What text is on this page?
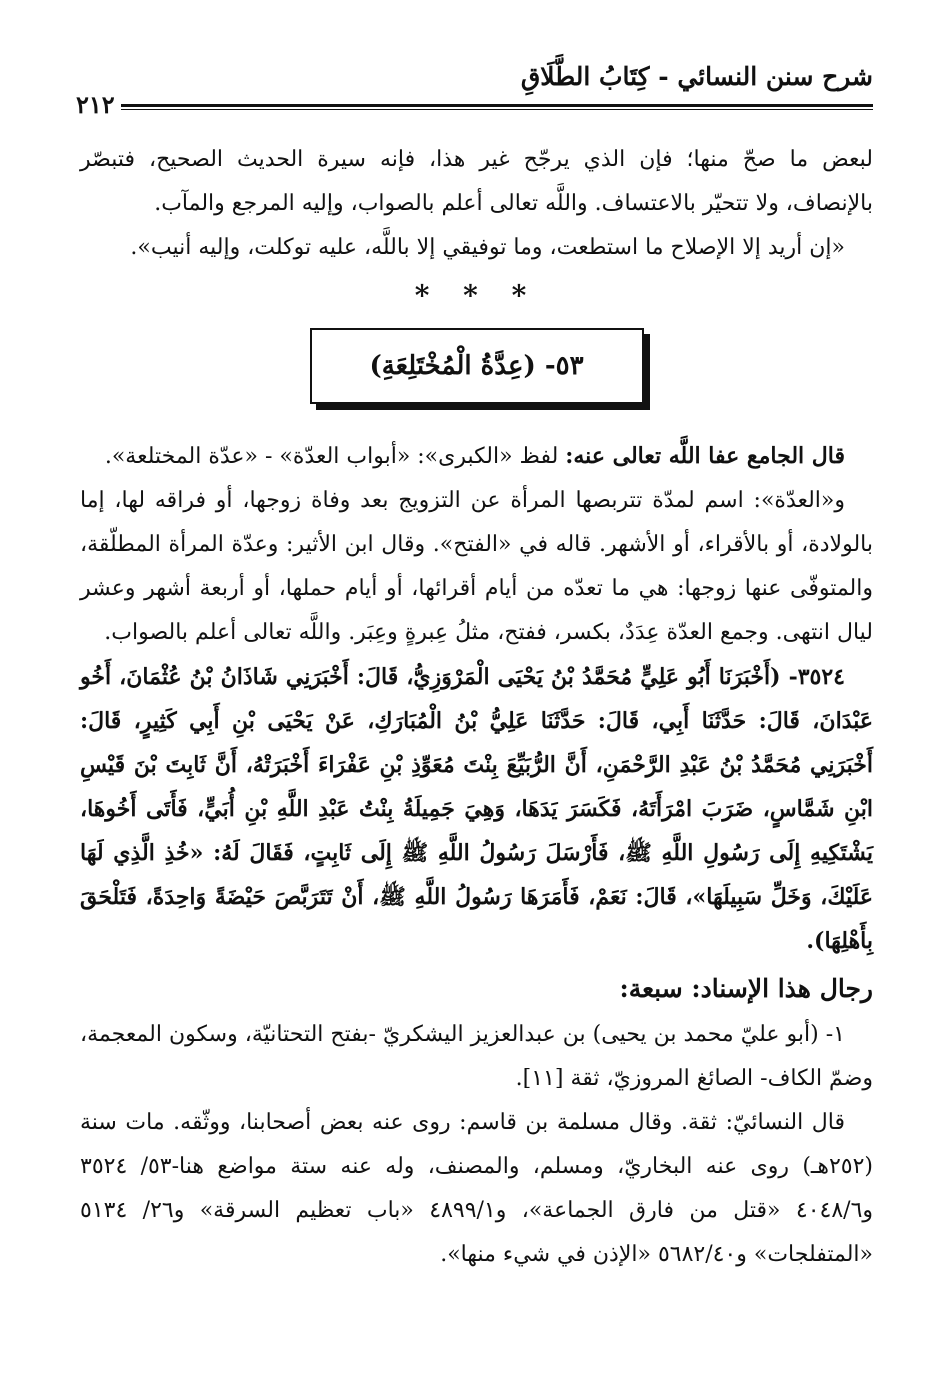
شرح سنن النسائي - كِتَابُ الطَّلَاقِ
٢١٢

لبعض ما صحّ منها؛ فإن الذي يرجّح غير هذا، فإنه سيرة الحديث الصحيح، فتبصّر بالإنصاف، ولا تتحيّر بالاعتساف. واللَّه تعالى أعلم بالصواب، وإليه المرجع والمآب.

«إن أريد إلا الإصلاح ما استطعت، وما توفيقي إلا باللَّه، عليه توكلت، وإليه أنيب».

* * *
٥٣- (عِدَّةُ الْمُخْتَلِعَةِ)

قال الجامع عفا اللَّه تعالى عنه: لفظ «الكبرى»: «أبواب العدّة» - «عدّة المختلعة».

و«العدّة»: اسم لمدّة تتربصها المرأة عن التزويج بعد وفاة زوجها، أو فراقه لها، إما بالولادة، أو بالأقراء، أو الأشهر. قاله في «الفتح». وقال ابن الأثير: وعدّة المرأة المطلّقة، والمتوفّى عنها زوجها: هي ما تعدّه من أيام أقرائها، أو أيام حملها، أو أربعة أشهر وعشر ليال انتهى. وجمع العدّة عِدَدٌ، بكسر، ففتح، مثلُ عِبرةٍ وعِبَر. واللَّه تعالى أعلم بالصواب.

٣٥٢٤- (أَخْبَرَنَا أَبُو عَلِيٍّ مُحَمَّدُ بْنُ يَحْيَى الْمَرْوَزِيُّ، قَالَ: أَخْبَرَنِي شَاذَانُ بْنُ عُثْمَانَ، أَخُو عَبْدَانَ، قَالَ: حَدَّثَنَا أَبِي، قَالَ: حَدَّثَنَا عَلِيُّ بْنُ الْمُبَارَكِ، عَنْ يَحْيَى بْنِ أَبِي كَثِيرٍ، قَالَ: أَخْبَرَنِي مُحَمَّدُ بْنُ عَبْدِ الرَّحْمَنِ، أَنَّ الرُّبَيِّعَ بِنْتَ مُعَوِّذِ بْنِ عَفْرَاءَ أَخْبَرَتْهُ، أَنَّ ثَابِتَ بْنَ قَيْسِ ابْنِ شَمَّاسٍ، ضَرَبَ امْرَأَتَهُ، فَكَسَرَ يَدَهَا، وَهِيَ جَمِيلَةُ بِنْتُ عَبْدِ اللَّهِ بْنِ أُبَيٍّ، فَأَتَى أَخُوهَا، يَشْتَكِيهِ إِلَى رَسُولِ اللَّهِ ﷺ، فَأَرْسَلَ رَسُولُ اللَّهِ ﷺ إِلَى ثَابِتٍ، فَقَالَ لَهُ: «خُذِ الَّذِي لَهَا عَلَيْكَ، وَخَلِّ سَبِيلَهَا»، قَالَ: نَعَمْ، فَأَمَرَهَا رَسُولُ اللَّهِ ﷺ، أَنْ تَتَرَبَّصَ حَيْضَةً وَاحِدَةً، فَتَلْحَقَ بِأَهْلِهَا).

رجال هذا الإسناد: سبعة:

١- (أبو عليّ محمد بن يحيى) بن عبدالعزيز اليشكريّ -بفتح التحتانيّة، وسكون المعجمة، وضمّ الكاف- الصائغ المروزيّ، ثقة [١١].

قال النسائيّ: ثقة. وقال مسلمة بن قاسم: روى عنه بعض أصحابنا، ووثّقه. مات سنة (٢٥٢هـ) روى عنه البخاريّ، ومسلم، والمصنف، وله عنه ستة مواضع هنا-٥٣/ ٣٥٢٤ و٤٠٤٨/٦ «قتل من فارق الجماعة»، و٤٨٩٩/١ «باب تعظيم السرقة» و٢٦/ ٥١٣٤ «المتفلجات» و٥٦٨٢/٤٠ «الإذن في شيء منها».
